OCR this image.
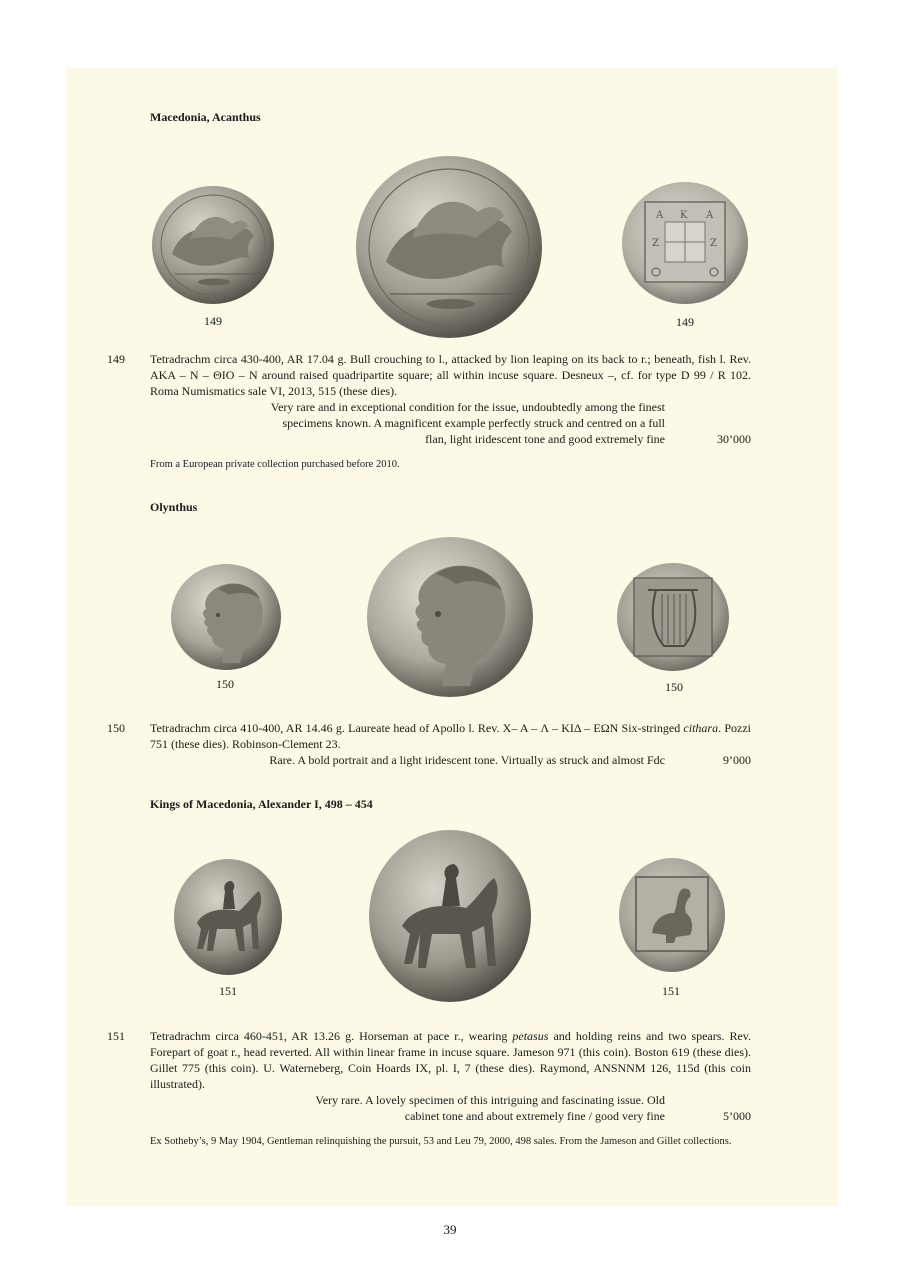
Macedonia, Acanthus
Α Κ Α
Ζ	Ζ
149	149
149 Tetradrachm circa 430-400, AR 17.04 g. Bull crouching to l., attacked by lion leaping on its back to r.; beneath, fish l. Rev. AKA – N – ΘΙΟ – N around raised quadripartite square; all within incuse square. Desneux –, cf. for type D 99 / R 102. Roma Numismatics sale VI, 2013, 515 (these dies).
Very rare and in exceptional condition for the issue, undoubtedly among the finest
specimens known. A magnificent example perfectly struck and centred on a full
flan, light iridescent tone and good extremely fine	30’000
From a European private collection purchased before 2010.
Olynthus
150	150
150 Tetradrachm circa 410-400, AR 14.46 g. Laureate head of Apollo l. Rev. X– A – Λ – KIΔ – EΩN Six-stringed cithara. Pozzi 751 (these dies). Robinson-Clement 23.
Rare. A bold portrait and a light iridescent tone. Virtually as struck and almost Fdc	9’000
Kings of Macedonia, Alexander I, 498 – 454
151	151
151 Tetradrachm circa 460-451, AR 13.26 g. Horseman at pace r., wearing petasus and holding reins and two spears. Rev. Forepart of goat r., head reverted. All within linear frame in incuse square. Jameson 971 (this coin). Boston 619 (these dies). Gillet 775 (this coin). U. Waterneberg, Coin Hoards IX, pl. I, 7 (these dies). Raymond, ANSNNM 126, 115d (this coin illustrated).
Very rare. A lovely specimen of this intriguing and fascinating issue. Old
cabinet tone and about extremely fine / good very fine	5’000
Ex Sotheby’s, 9 May 1904, Gentleman relinquishing the pursuit, 53 and Leu 79, 2000, 498 sales. From the Jameson and Gillet collections.
39
